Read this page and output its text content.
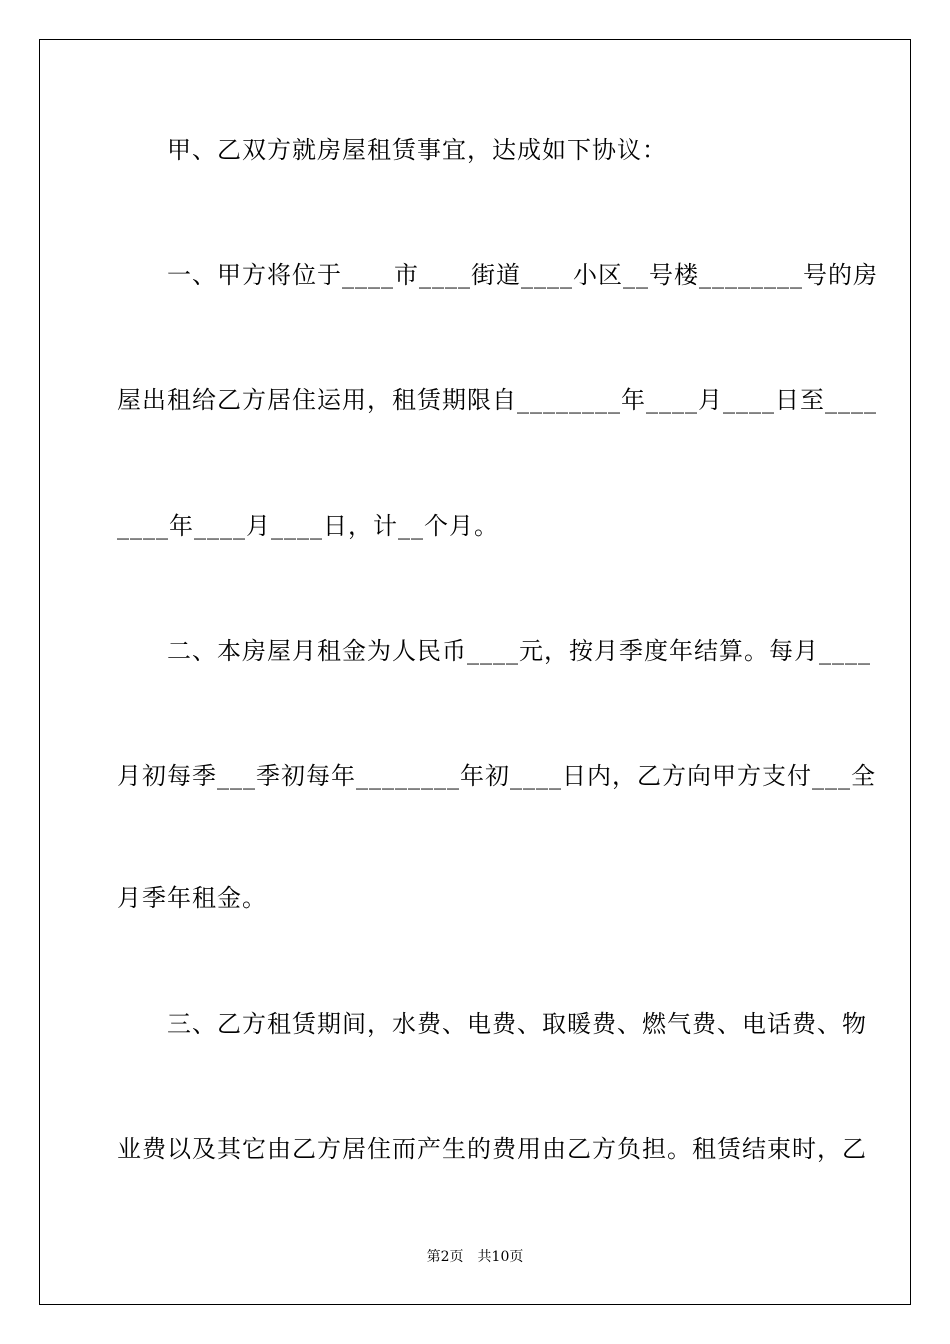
　　甲、乙双方就房屋租赁事宜，达成如下协议：
　　一、甲方将位于____市____街道____小区__号楼________号的房
屋出租给乙方居住运用，租赁期限自________年____月____日至____
____年____月____日，计__个月。
　　二、本房屋月租金为人民币____元，按月季度年结算。每月____
月初每季___季初每年________年初____日内，乙方向甲方支付___全
月季年租金。
　　三、乙方租赁期间，水费、电费、取暖费、燃气费、电话费、物
业费以及其它由乙方居住而产生的费用由乙方负担。租赁结束时，乙
第2页　共10页
